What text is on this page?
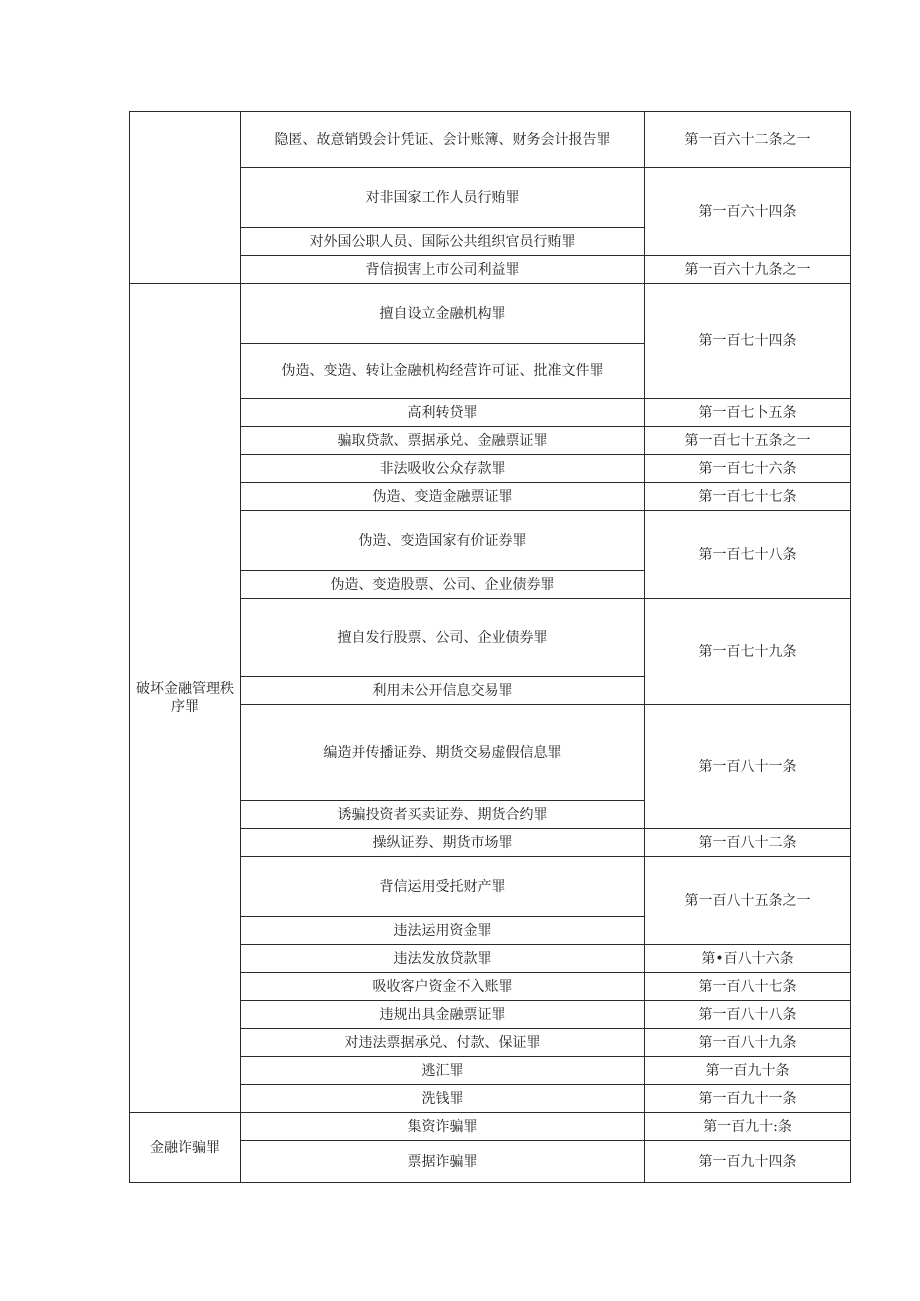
	隐匿、故意销毁会计凭证、会计账簿、财务会计报告罪	第一百六十二条之一
	对非国家工作人员行贿罪	第一百六十四条
	对外国公职人员、国际公共组织官员行贿罪	
	背信损害上市公司利益罪	第一百六十九条之一
破坏金融管理秩序罪	擅自设立金融机构罪	第一百七十四条
	伪造、变造、转让金融机构经营许可证、批准文件罪	
	高利转贷罪	第一百七卜五条
	骗取贷款、票据承兑、金融票证罪	第一百七十五条之一
	非法吸收公众存款罪	第一百七十六条
	伪造、变造金融票证罪	第一百七十七条
	伪造、变造国家有价证券罪	第一百七十八条
	伪造、变造股票、公司、企业债券罪	
	擅自发行股票、公司、企业债券罪	第一百七十九条
	利用未公开信息交易罪	
	编造并传播证券、期货交易虚假信息罪	第一百八十一条
	诱骗投资者买卖证券、期货合约罪	
	操纵证券、期货市场罪	第一百八十二条
	背信运用受托财产罪	第一百八十五条之一
	违法运用资金罪	
	违法发放贷款罪	第•百八十六条
	吸收客户资金不入账罪	第一百八十七条
	违规出具金融票证罪	第一百八十八条
	对违法票据承兑、付款、保证罪	第一百八十九条
	逃汇罪	第一百九十条
	洗钱罪	第一百九十一条
金融诈骗罪	集资诈骗罪	第一百九十:条
	票据诈骗罪	第一百九十四条
